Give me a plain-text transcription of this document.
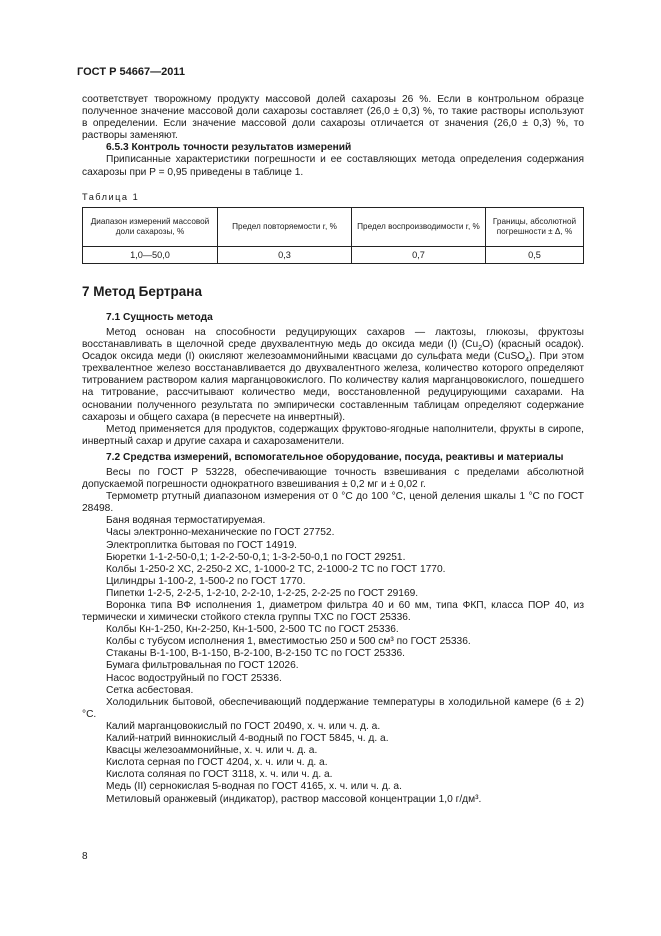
ГОСТ Р 54667—2011

соответствует творожному продукту массовой долей сахарозы 26 %. Если в контрольном образце полученное значение массовой доли сахарозы составляет (26,0 ± 0,3) %, то такие растворы используют в определении. Если значение массовой доли сахарозы отличается от значения (26,0 ± 0,3) %, то растворы заменяют.

6.5.3 Контроль точности результатов измерений

Приписанные характеристики погрешности и ее составляющих метода определения содержания сахарозы при P = 0,95 приведены в таблице 1.

Таблица 1
Диапазон измерений массовой доли сахарозы, %	Предел повторяемости r, %	Предел воспроизводимости r, %	Границы, абсолютной погрешности ± Δ, %
1,0—50,0	0,3	0,7	0,5
7 Метод Бертрана

7.1 Сущность метода

Метод основан на способности редуцирующих сахаров — лактозы, глюкозы, фруктозы восстанавливать в щелочной среде двухвалентную медь до оксида меди (I) $(Cu_2O)$ (красный осадок). Осадок оксида меди (I) окисляют железоаммонийными квасцами до сульфата меди (CuSO$_4$). При этом трехвалентное железо восстанавливается до двухвалентного железа, количество которого определяют титрованием раствором калия марганцовокислого. По количеству калия марганцовокислого, пошедшего на титрование, рассчитывают количество меди, восстановленной редуцирующими сахарами. На основании полученного результата по эмпирически составленным таблицам определяют содержание сахарозы и общего сахара (в пересчете на инвертный).

Метод применяется для продуктов, содержащих фруктово-ягодные наполнители, фрукты в сиропе, инвертный сахар и другие сахара и сахарозаменители.

7.2 Средства измерений, вспомогательное оборудование, посуда, реактивы и материалы

Весы по ГОСТ Р 53228, обеспечивающие точность взвешивания с пределами абсолютной допускаемой погрешности однократного взвешивания ± 0,2 мг и ± 0,02 г.

Термометр ртутный диапазоном измерения от 0 °С до 100 °С, ценой деления шкалы 1 °С по ГОСТ 28498.

Баня водяная термостатируемая.

Часы электронно-механические по ГОСТ 27752.

Электроплитка бытовая по ГОСТ 14919.

Бюретки 1-1-2-50-0,1; 1-2-2-50-0,1; 1-3-2-50-0,1 по ГОСТ 29251.

Колбы 1-250-2 ХС, 2-250-2 ХС, 1-1000-2 ТС, 2-1000-2 ТС по ГОСТ 1770.

Цилиндры 1-100-2, 1-500-2 по ГОСТ 1770.

Пипетки 1-2-5, 2-2-5, 1-2-10, 2-2-10, 1-2-25, 2-2-25 по ГОСТ 29169.

Воронка типа ВФ исполнения 1, диаметром фильтра 40 и 60 мм, типа ФКП, класса ПОР 40, из термически и химически стойкого стекла группы ТХС по ГОСТ 25336.

Колбы Кн-1-250, Кн-2-250, Кн-1-500, 2-500 ТС по ГОСТ 25336.

Колбы с тубусом исполнения 1, вместимостью 250 и 500 см³ по ГОСТ 25336.

Стаканы В-1-100, В-1-150, В-2-100, В-2-150 ТС по ГОСТ 25336.

Бумага фильтровальная по ГОСТ 12026.

Насос водоструйный по ГОСТ 25336.

Сетка асбестовая.

Холодильник бытовой, обеспечивающий поддержание температуры в холодильной камере (6 ± 2) °С.

Калий марганцовокислый по ГОСТ 20490, х. ч. или ч. д. а.

Калий-натрий виннокислый 4-водный по ГОСТ 5845, ч. д. а.

Квасцы железоаммонийные, х. ч. или ч. д. а.

Кислота серная по ГОСТ 4204, х. ч. или ч. д. а.

Кислота соляная по ГОСТ 3118, х. ч. или ч. д. а.

Медь (II) сернокислая 5-водная по ГОСТ 4165, х. ч. или ч. д. а.

Метиловый оранжевый (индикатор), раствор массовой концентрации 1,0 г/дм³.

8
